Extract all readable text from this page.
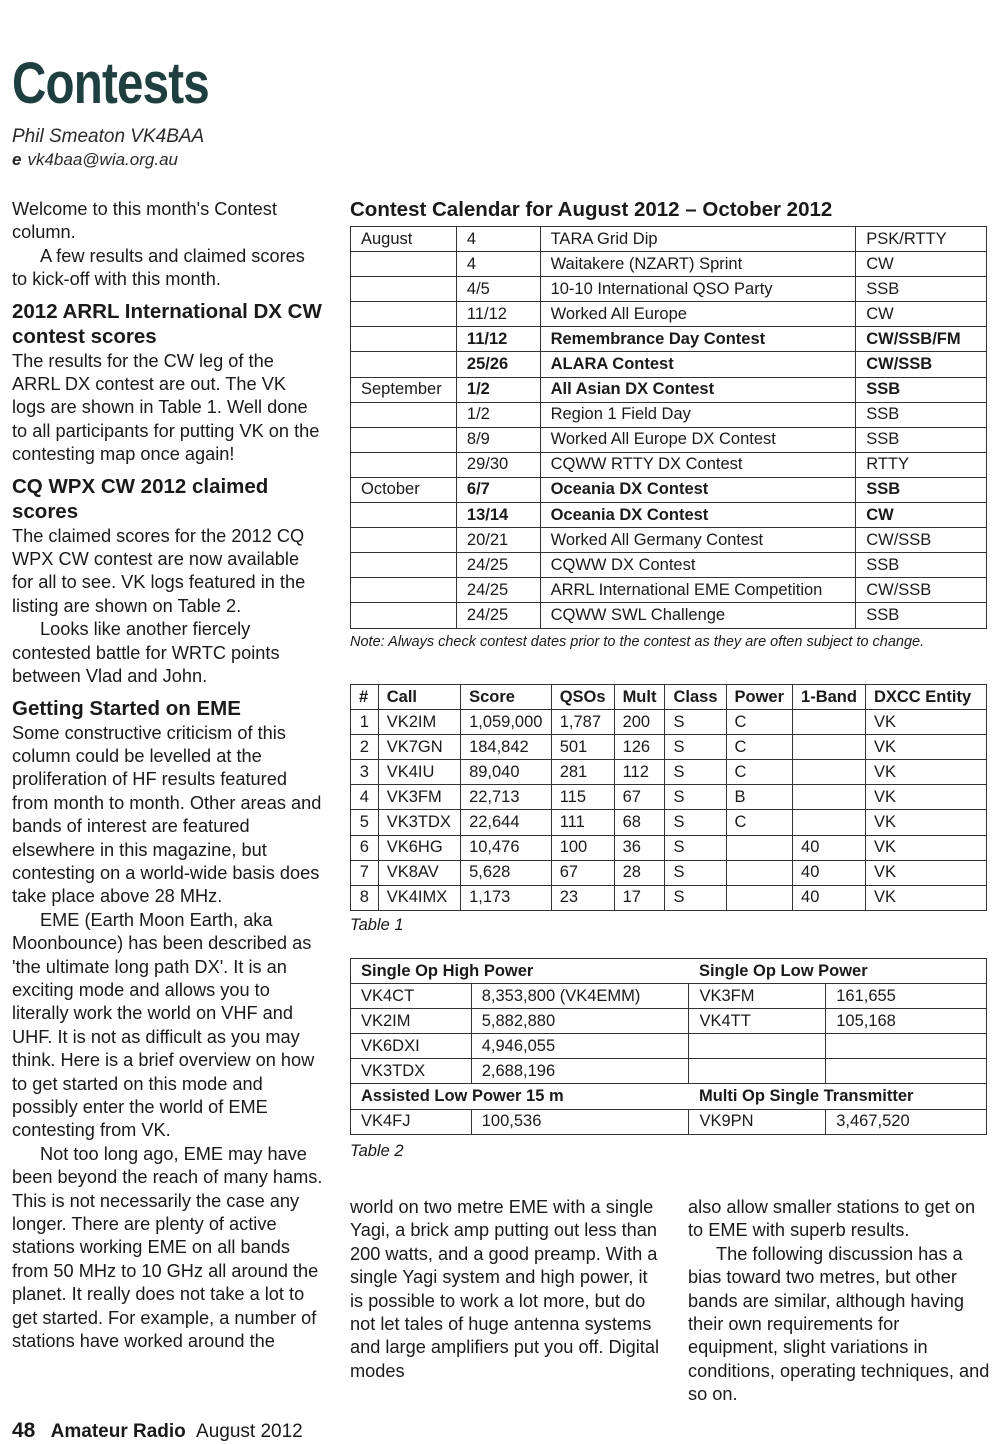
Contests
Phil Smeaton VK4BAA
e vk4baa@wia.org.au

Welcome to this month's Contest column.

A few results and claimed scores to kick-off with this month.

2012 ARRL International DX CW contest scores

The results for the CW leg of the ARRL DX contest are out. The VK logs are shown in Table 1. Well done to all participants for putting VK on the contesting map once again!

CQ WPX CW 2012 claimed scores

The claimed scores for the 2012 CQ WPX CW contest are now available for all to see. VK logs featured in the listing are shown on Table 2.

Looks like another fiercely contested battle for WRTC points between Vlad and John.

Getting Started on EME

Some constructive criticism of this column could be levelled at the proliferation of HF results featured from month to month. Other areas and bands of interest are featured elsewhere in this magazine, but contesting on a world-wide basis does take place above 28 MHz.

EME (Earth Moon Earth, aka Moonbounce) has been described as 'the ultimate long path DX'. It is an exciting mode and allows you to literally work the world on VHF and UHF. It is not as difficult as you may think. Here is a brief overview on how to get started on this mode and possibly enter the world of EME contesting from VK.

Not too long ago, EME may have been beyond the reach of many hams. This is not necessarily the case any longer. There are plenty of active stations working EME on all bands from 50 MHz to 10 GHz all around the planet. It really does not take a lot to get started. For example, a number of stations have worked around the

Contest Calendar for August 2012 – October 2012
August	4	TARA Grid Dip	PSK/RTTY
	4	Waitakere (NZART) Sprint	CW
	4/5	10-10 International QSO Party	SSB
	11/12	Worked All Europe	CW
	11/12	Remembrance Day Contest	CW/SSB/FM
	25/26	ALARA Contest	CW/SSB
September	1/2	All Asian DX Contest	SSB
	1/2	Region 1 Field Day	SSB
	8/9	Worked All Europe DX Contest	SSB
	29/30	CQWW RTTY DX Contest	RTTY
October	6/7	Oceania DX Contest	SSB
	13/14	Oceania DX Contest	CW
	20/21	Worked All Germany Contest	CW/SSB
	24/25	CQWW DX Contest	SSB
	24/25	ARRL International EME Competition	CW/SSB
	24/25	CQWW SWL Challenge	SSB
Note: Always check contest dates prior to the contest as they are often subject to change.
#	Call	Score	QSOs	Mult	Class	Power	1-Band	DXCC Entity
1	VK2IM	1,059,000	1,787	200	S	C		VK
2	VK7GN	184,842	501	126	S	C		VK
3	VK4IU	89,040	281	112	S	C		VK
4	VK3FM	22,713	115	67	S	B		VK
5	VK3TDX	22,644	111	68	S	C		VK
6	VK6HG	10,476	100	36	S		40	VK
7	VK8AV	5,628	67	28	S		40	VK
8	VK4IMX	1,173	23	17	S		40	VK
Table 1
Single Op High Power		Single Op Low Power	
VK4CT	8,353,800 (VK4EMM)	VK3FM	161,655
VK2IM	5,882,880	VK4TT	105,168
VK6DXI	4,946,055		
VK3TDX	2,688,196		
Assisted Low Power 15 m		Multi Op Single Transmitter	
VK4FJ	100,536	VK9PN	3,467,520
Table 2

world on two metre EME with a single Yagi, a brick amp putting out less than 200 watts, and a good preamp. With a single Yagi system and high power, it is possible to work a lot more, but do not let tales of huge antenna systems and large amplifiers put you off. Digital modes

also allow smaller stations to get on to EME with superb results.

The following discussion has a bias toward two metres, but other bands are similar, although having their own requirements for equipment, slight variations in conditions, operating techniques, and so on.

48 Amateur Radio August 2012
